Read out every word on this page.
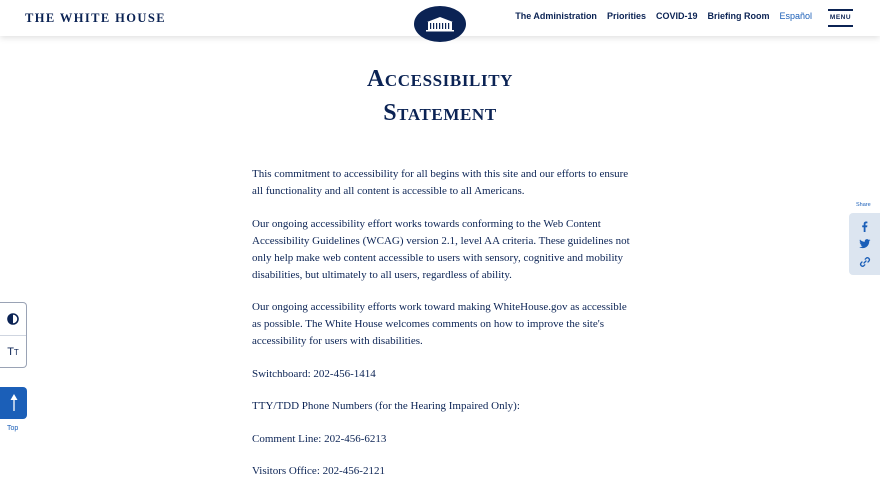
THE WHITE HOUSE	The Administration Priorities COVID-19 Briefing Room Español	MENU
Accessibility
Statement

This commitment to accessibility for all begins with this site and our efforts to ensure all functionality and all content is accessible to all Americans.

Our ongoing accessibility effort works towards conforming to the Web Content Accessibility Guidelines (WCAG) version 2.1, level AA criteria. These guidelines not only help make web content accessible to users with sensory, cognitive and mobility disabilities, but ultimately to all users, regardless of ability.

Our ongoing accessibility efforts work toward making WhiteHouse.gov as accessible as possible. The White House welcomes comments on how to improve the site's accessibility for users with disabilities.

Switchboard: 202-456-1414

TTY/TDD Phone Numbers (for the Hearing Impaired Only):

Comment Line: 202-456-6213

Visitors Office: 202-456-2121

TT
Top
Share
